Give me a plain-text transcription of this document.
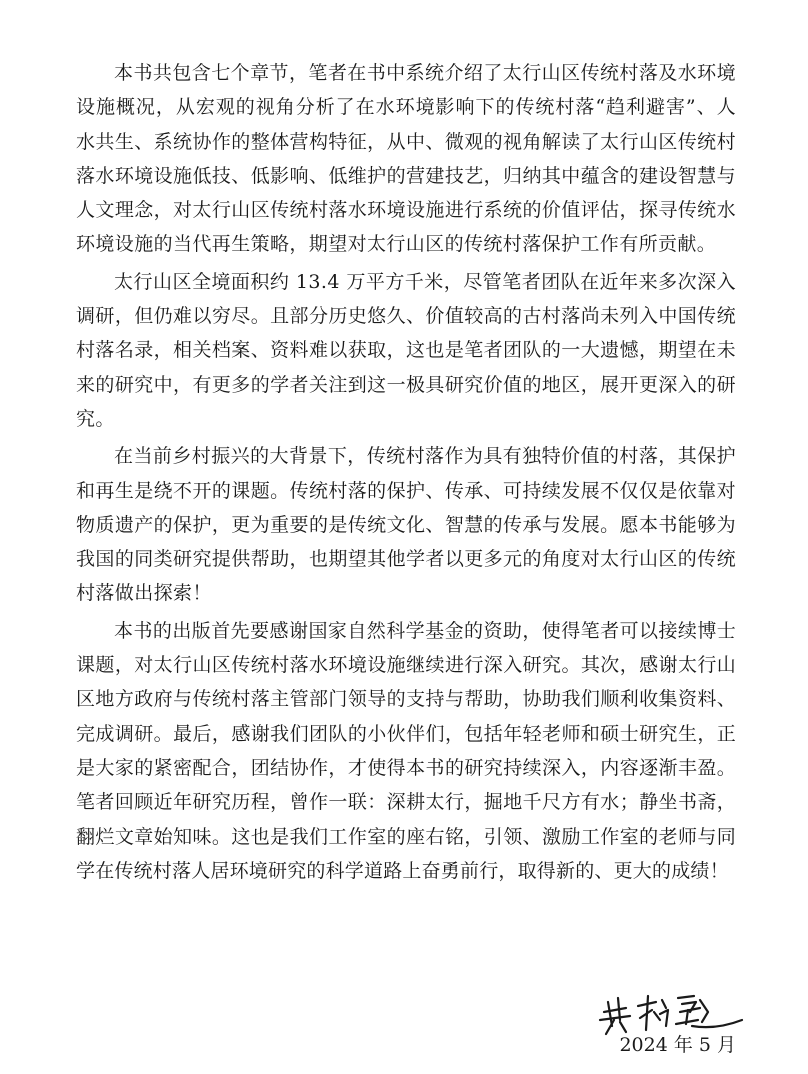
本书共包含七个章节，笔者在书中系统介绍了太行山区传统村落及水环境设施概况，从宏观的视角分析了在水环境影响下的传统村落“趋利避害”、人水共生、系统协作的整体营构特征，从中、微观的视角解读了太行山区传统村落水环境设施低技、低影响、低维护的营建技艺，归纳其中蕴含的建设智慧与人文理念，对太行山区传统村落水环境设施进行系统的价值评估，探寻传统水环境设施的当代再生策略，期望对太行山区的传统村落保护工作有所贡献。

太行山区全境面积约 13.4 万平方千米，尽管笔者团队在近年来多次深入调研，但仍难以穷尽。且部分历史悠久、价值较高的古村落尚未列入中国传统村落名录，相关档案、资料难以获取，这也是笔者团队的一大遗憾，期望在未来的研究中，有更多的学者关注到这一极具研究价值的地区，展开更深入的研究。

在当前乡村振兴的大背景下，传统村落作为具有独特价值的村落，其保护和再生是绕不开的课题。传统村落的保护、传承、可持续发展不仅仅是依靠对物质遗产的保护，更为重要的是传统文化、智慧的传承与发展。愿本书能够为我国的同类研究提供帮助，也期望其他学者以更多元的角度对太行山区的传统村落做出探索！

本书的出版首先要感谢国家自然科学基金的资助，使得笔者可以接续博士课题，对太行山区传统村落水环境设施继续进行深入研究。其次，感谢太行山区地方政府与传统村落主管部门领导的支持与帮助，协助我们顺利收集资料、完成调研。最后，感谢我们团队的小伙伴们，包括年轻老师和硕士研究生，正是大家的紧密配合，团结协作，才使得本书的研究持续深入，内容逐渐丰盈。笔者回顾近年研究历程，曾作一联：深耕太行，掘地千尺方有水；静坐书斋，翻烂文章始知味。这也是我们工作室的座右铭，引领、激励工作室的老师与同学在传统村落人居环境研究的科学道路上奋勇前行，取得新的、更大的成绩！

2024 年 5 月
